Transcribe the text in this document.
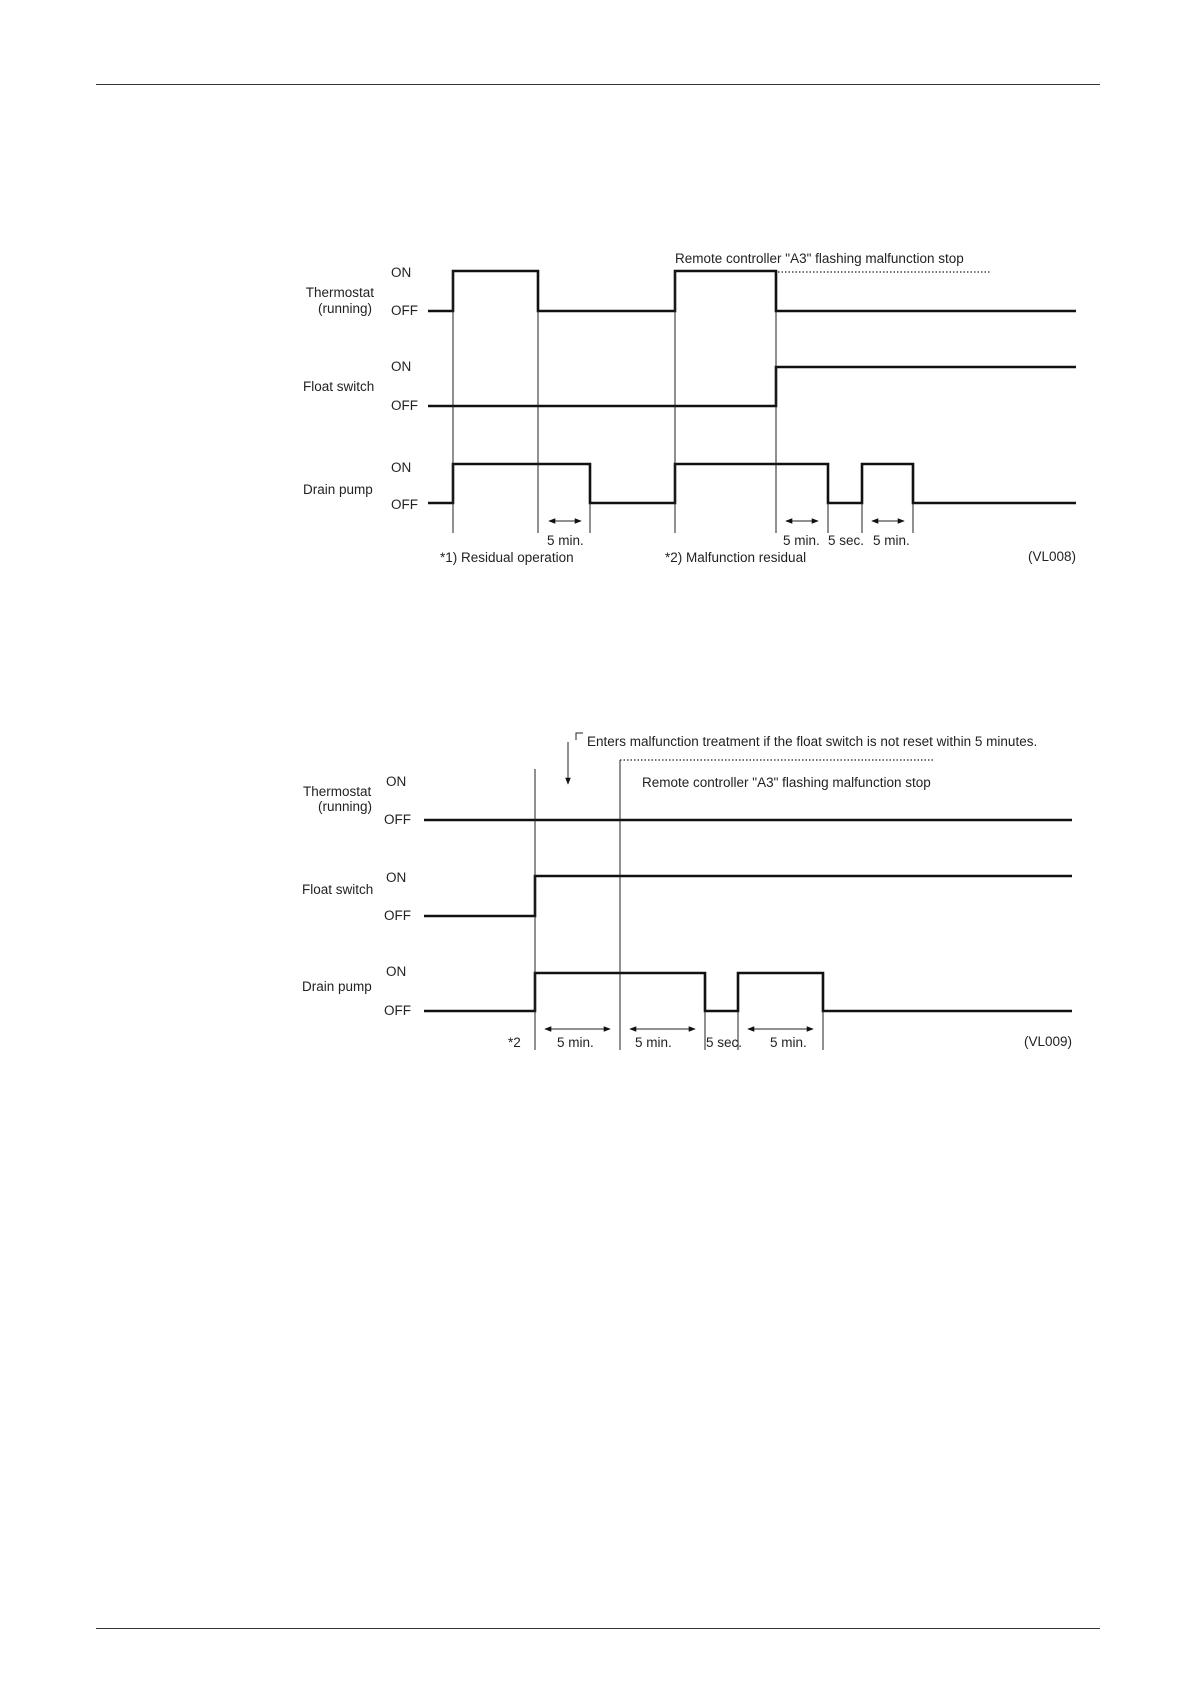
Remote controller "A3" flashing malfunction stop
Thermostat
(running)
ON
OFF
ON
Float switch
OFF
ON
Drain pump
OFF
5 min.	5 min. 5 sec. 5 min.
*1) Residual operation	*2) Malfunction residual	(VL008)
Enters malfunction treatment if the float switch is not reset within 5 minutes.
Remote controller "A3" flashing malfunction stop
Thermostat
(running)
ON
OFF
ON
Float switch
OFF
ON
Drain pump
OFF
*2	5 min.	5 min.	5 sec. 5 min.	(VL009)
